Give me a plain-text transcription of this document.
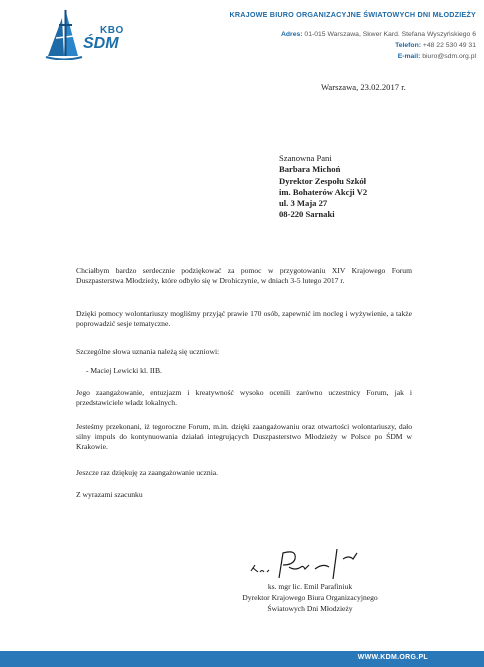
KBO
ŚDM
KRAJOWE BIURO ORGANIZACYJNE ŚWIATOWYCH DNI MŁODZIEŻY
Adres: 01-015 Warszawa, Skwer Kard. Stefana Wyszyńskiego 6
Telefon: +48 22 530 49 31
E-mail: biuro@sdm.org.pl
Warszawa, 23.02.2017 r.
Szanowna Pani
Barbara Michoń
Dyrektor Zespołu Szkół
im. Bohaterów Akcji V2
ul. 3 Maja 27
08-220 Sarnaki
Chciałbym bardzo serdecznie podziękować za pomoc w przygotowaniu XIV Krajowego Forum Duszpasterstwa Młodzieży, które odbyło się w Drohiczynie, w dniach 3-5 lutego 2017 r.
Dzięki pomocy wolontariuszy mogliśmy przyjąć prawie 170 osób, zapewnić im nocleg i wyżywienie, a także poprowadzić sesje tematyczne.
Szczególne słowa uznania należą się uczniowi:
- Maciej Lewicki kl. IIB.
Jego zaangażowanie, entuzjazm i kreatywność wysoko ocenili zarówno uczestnicy Forum, jak i przedstawiciele władz lokalnych.
Jesteśmy przekonani, iż tegoroczne Forum, m.in. dzięki zaangażowaniu oraz otwartości wolontariuszy, dało silny impuls do kontynuowania działań integrujących Duszpasterstwo Młodzieży w Polsce po ŚDM w Krakowie.
Jeszcze raz dziękuję za zaangażowanie ucznia.
Z wyrazami szacunku
ks. mgr lic. Emil Parafiniuk
Dyrektor Krajowego Biura Organizacyjnego
Światowych Dni Młodzieży
WWW.KDM.ORG.PL
